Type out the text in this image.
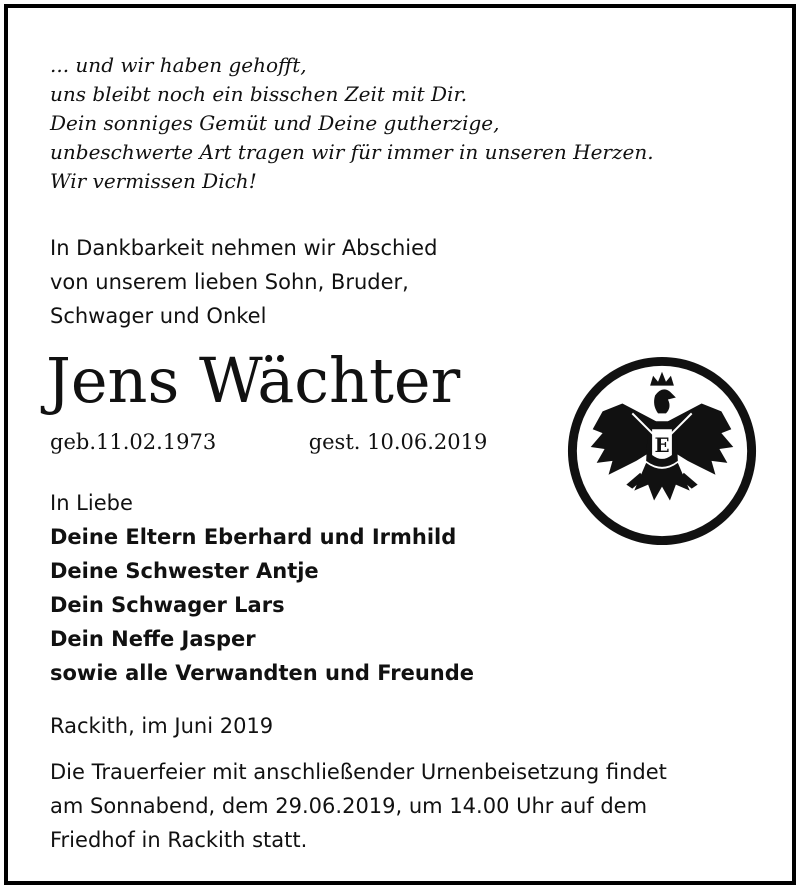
... und wir haben gehofft,
uns bleibt noch ein bisschen Zeit mit Dir.
Dein sonniges Gemüt und Deine gutherzige,
unbeschwerte Art tragen wir für immer in unseren Herzen.
Wir vermissen Dich!
In Dankbarkeit nehmen wir Abschied
von unserem lieben Sohn, Bruder,
Schwager und Onkel
Jens Wächter
geb.11.02.1973	gest. 10.06.2019	E
In Liebe
Deine Eltern Eberhard und Irmhild
Deine Schwester Antje
Dein Schwager Lars
Dein Neffe Jasper
sowie alle Verwandten und Freunde
Rackith, im Juni 2019
Die Trauerfeier mit anschließender Urnenbeisetzung findet
am Sonnabend, dem 29.06.2019, um 14.00 Uhr auf dem
Friedhof in Rackith statt.
